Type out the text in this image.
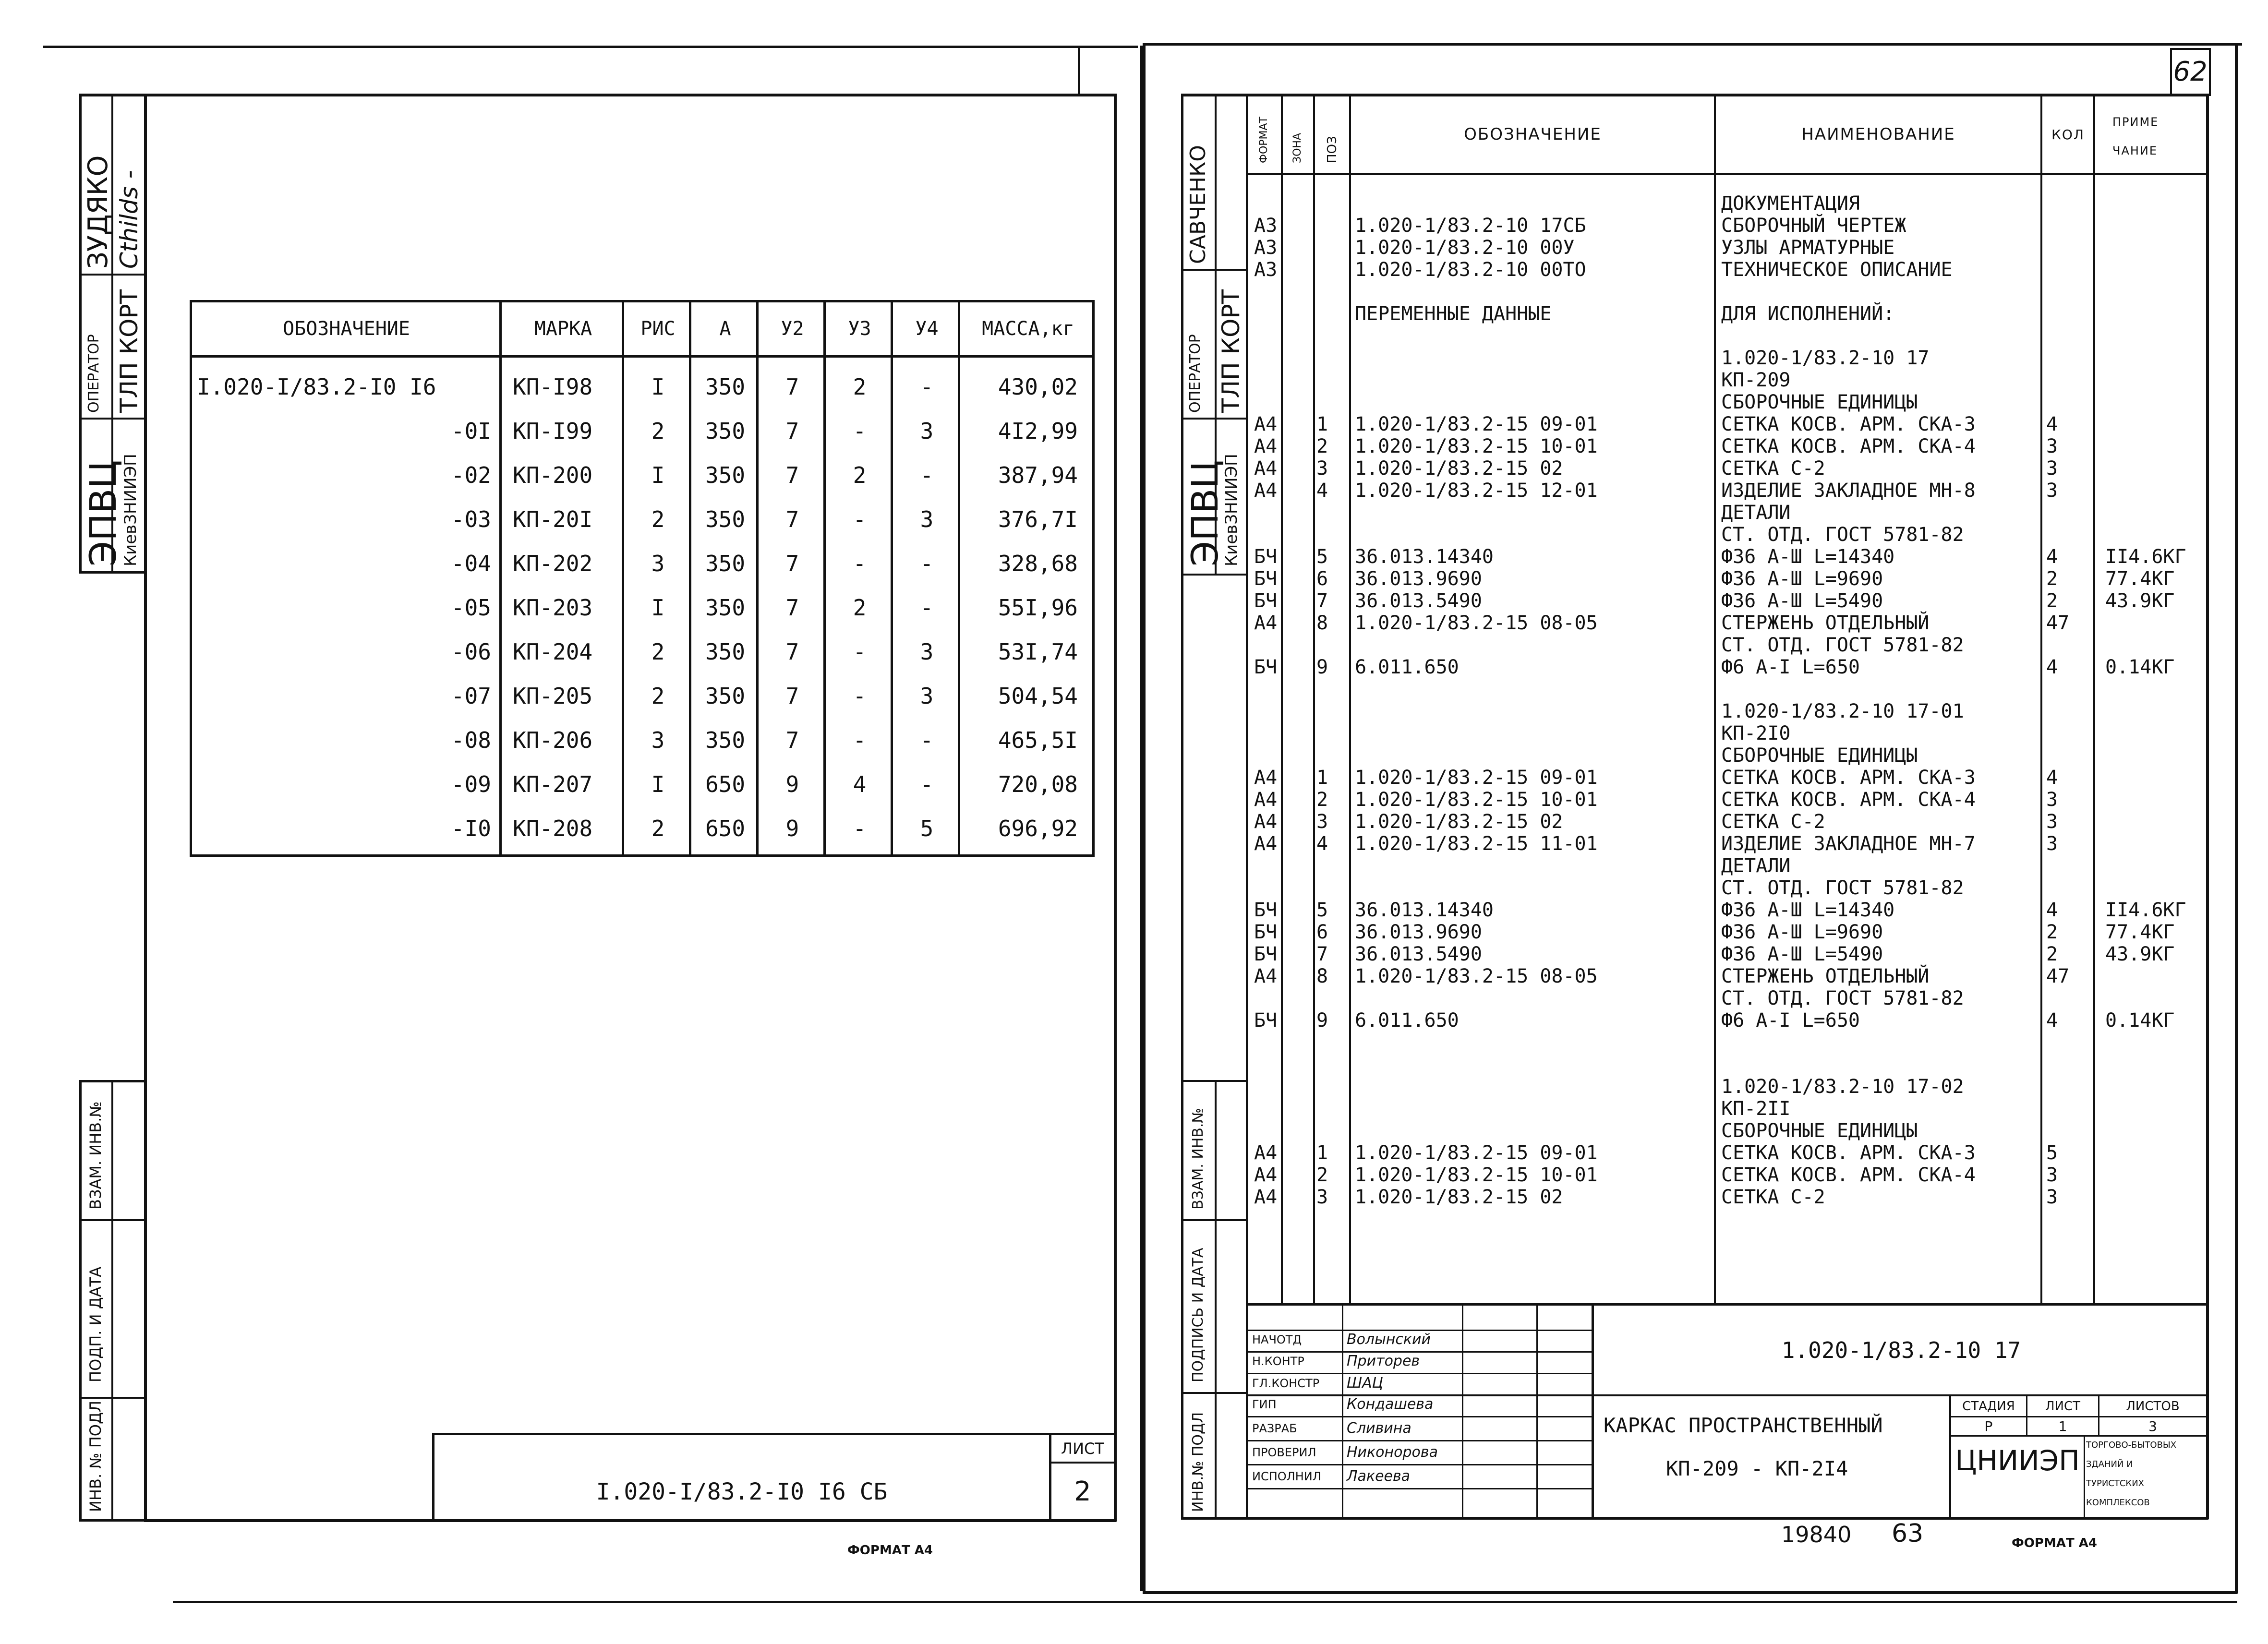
ЗУДЯКО Сthilds -
ОПЕРАТОР ТЛП КОРТ
ЭПВЦ
КиевЗНИИЭП
ВЗАМ. ИНВ.№
ПОДП. И ДАТА
ИНВ. № ПОДЛ
ОБОЗНАЧЕНИЕ	МАРКА	РИС	А	У2	У3	У4	МАССА,кг
I.020-I/83.2-I0 I6	КП-I98	I	350	7	2	-	430,02
-0I КП-I99	2	350	7	-	3	4I2,99
-02 КП-200	I	350	7	2	-	387,94
-03 КП-20I	2	350	7	-	3	376,7I
-04 КП-202	3	350	7	-	-	328,68
-05 КП-203	I	350	7	2	-	55I,96
-06 КП-204	2	350	7	-	3	53I,74
-07 КП-205	2	350	7	-	3	504,54
-08 КП-206	3	350	7	-	-	465,5I
-09 КП-207	I	650	9	4	-	720,08
-I0 КП-208	2	650	9	-	5	696,92
I.020-I/83.2-I0 I6 СБ
ЛИСТ
2
ФОРМАТ А4
62
САВЧЕНКО
ОПЕРАТОР ТЛП КОРТ
ЭПВЦ
КиевЗНИИЭП
ВЗАМ. ИНВ.№
ПОДПИСЬ И ДАТА
ИНВ.№ ПОДЛ
ФОРМАТ ЗОНА ПОЗ
ОБОЗНАЧЕНИЕ	НАИМЕНОВАНИЕ	КОЛ
ПРИМЕ
ЧАНИЕ
ДОКУМЕНТАЦИЯ
А3	1.020-1/83.2-10 17СБ	СБОРОЧНЫЙ ЧЕРТЕЖ
А3	1.020-1/83.2-10 00У	УЗЛЫ АРМАТУРНЫЕ
А3	1.020-1/83.2-10 00ТО	ТЕХНИЧЕСКОЕ ОПИСАНИЕ
ПЕРЕМЕННЫЕ ДАННЫЕ	ДЛЯ ИСПОЛНЕНИЙ:
1.020-1/83.2-10 17
КП-209
СБОРОЧНЫЕ ЕДИНИЦЫ
А4 1 1.020-1/83.2-15 09-01	СЕТКА КОСВ. АРМ. СКА-3	4
А4 2 1.020-1/83.2-15 10-01	СЕТКА КОСВ. АРМ. СКА-4	3
А4 3 1.020-1/83.2-15 02	СЕТКА С-2	3
А4 4 1.020-1/83.2-15 12-01	ИЗДЕЛИЕ ЗАКЛАДНОЕ МН-8	3
ДЕТАЛИ
СТ. ОТД. ГОСТ 5781-82
БЧ 5 36.013.14340	Ф36 А-Ш L=14340	4 II4.6КГ
БЧ 6 36.013.9690	Ф36 А-Ш L=9690	2 77.4КГ
БЧ 7 36.013.5490	Ф36 А-Ш L=5490	2 43.9КГ
А4 8 1.020-1/83.2-15 08-05	СТЕРЖЕНЬ ОТДЕЛЬНЫЙ	47
СТ. ОТД. ГОСТ 5781-82
БЧ 9 6.011.650	Ф6 А-I L=650	4 0.14КГ
1.020-1/83.2-10 17-01
КП-2I0
СБОРОЧНЫЕ ЕДИНИЦЫ
А4 1 1.020-1/83.2-15 09-01	СЕТКА КОСВ. АРМ. СКА-3	4
А4 2 1.020-1/83.2-15 10-01	СЕТКА КОСВ. АРМ. СКА-4	3
А4 3 1.020-1/83.2-15 02	СЕТКА С-2	3
А4 4 1.020-1/83.2-15 11-01	ИЗДЕЛИЕ ЗАКЛАДНОЕ МН-7	3
ДЕТАЛИ
СТ. ОТД. ГОСТ 5781-82
БЧ 5 36.013.14340	Ф36 А-Ш L=14340	4 II4.6КГ
БЧ 6 36.013.9690	Ф36 А-Ш L=9690	2 77.4КГ
БЧ 7 36.013.5490	Ф36 А-Ш L=5490	2 43.9КГ
А4 8 1.020-1/83.2-15 08-05	СТЕРЖЕНЬ ОТДЕЛЬНЫЙ	47
СТ. ОТД. ГОСТ 5781-82
БЧ 9 6.011.650	Ф6 А-I L=650	4 0.14КГ
1.020-1/83.2-10 17-02
КП-2II
СБОРОЧНЫЕ ЕДИНИЦЫ
А4 1 1.020-1/83.2-15 09-01	СЕТКА КОСВ. АРМ. СКА-3	5
А4 2 1.020-1/83.2-15 10-01	СЕТКА КОСВ. АРМ. СКА-4	3
А4 3 1.020-1/83.2-15 02	СЕТКА С-2	3
НАЧОТД	Волынский
Н.КОНТР	Приторев
ГЛ.КОНСТР ШАЦ
ГИП	Кондашева
РАЗРАБ	Сливина
ПРОВЕРИЛ Никонорова
ИСПОЛНИЛ Лакеева
1.020-1/83.2-10 17
КАРКАС ПРОСТРАНСТВЕННЫЙ
КП-209 - КП-2I4
СТАДИЯ	ЛИСТ	ЛИСТОВ
Р	1	3
ЦНИИЭП ТОРГОВО-БЫТОВЫХ
ЗДАНИЙ И
ТУРИСТСКИХ
КОМПЛЕКСОВ
19840 63	ФОРМАТ А4
